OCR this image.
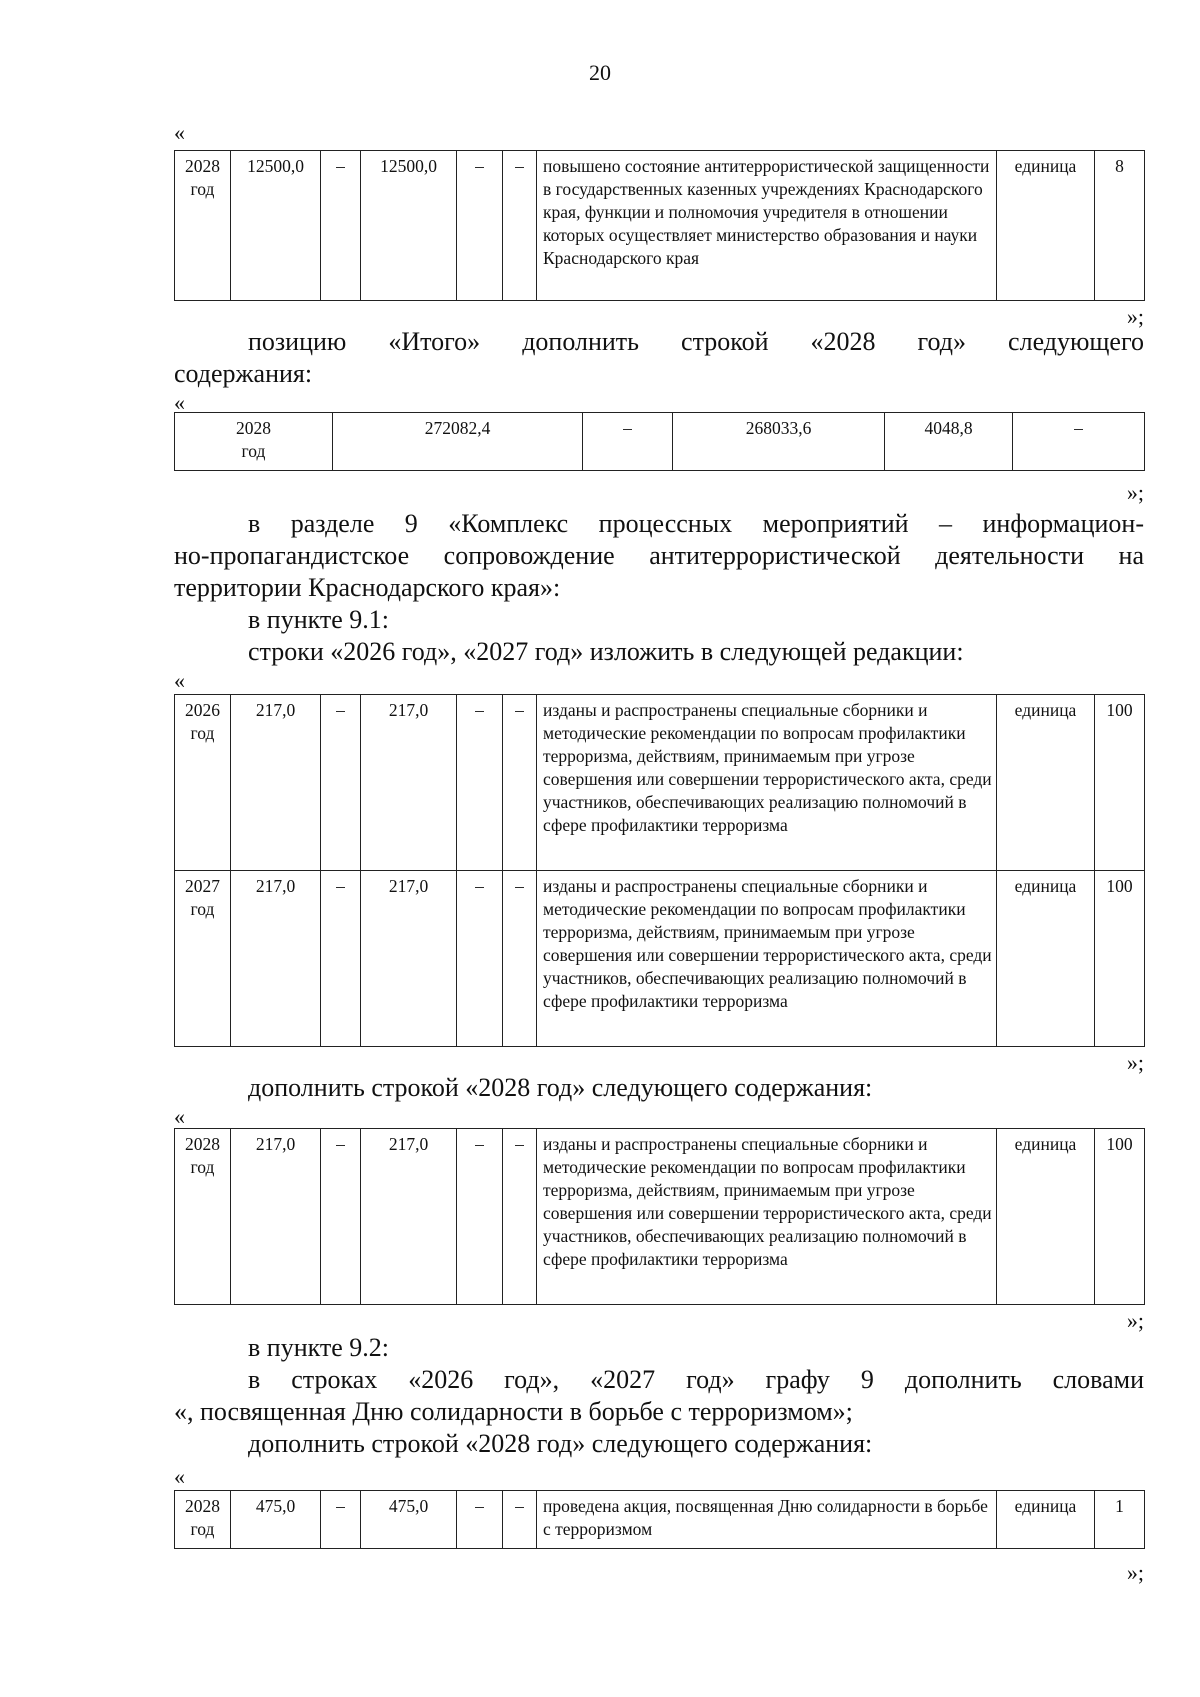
20
«
2028
год	12500,0	–	12500,0	–	–	повышено состояние антитеррористической защищенности в государственных казенных учреждениях Краснодарского края, функции и полномочия учредителя в отношении которых осуществляет министерство образования и науки Краснодарского края	единица	8
»;
позицию «Итого» дополнить строкой «2028 год» следующего
содержания:
«
2028
год	272082,4	–	268033,6	4048,8	–
»;
в разделе 9 «Комплекс процессных мероприятий – информацион-
но-пропагандистское сопровождение антитеррористической деятельности на
территории Краснодарского края»:
в пункте 9.1:
строки «2026 год», «2027 год» изложить в следующей редакции:
«
2026
год	217,0	–	217,0	–	–	изданы и распространены специальные сборники и методические рекомендации по вопросам профилактики терроризма, действиям, принимаемым при угрозе совершения или совершении террористического акта, среди участников, обеспечивающих реализацию полномочий в сфере профилактики терроризма	единица	100
2027
год	217,0	–	217,0	–	–	изданы и распространены специальные сборники и методические рекомендации по вопросам профилактики терроризма, действиям, принимаемым при угрозе совершения или совершении террористического акта, среди участников, обеспечивающих реализацию полномочий в сфере профилактики терроризма	единица	100
»;
дополнить строкой «2028 год» следующего содержания:
«
2028
год	217,0	–	217,0	–	–	изданы и распространены специальные сборники и методические рекомендации по вопросам профилактики терроризма, действиям, принимаемым при угрозе совершения или совершении террористического акта, среди участников, обеспечивающих реализацию полномочий в сфере профилактики терроризма	единица	100
»;
в пункте 9.2:
в строках «2026 год», «2027 год» графу 9 дополнить словами
«, посвященная Дню солидарности в борьбе с терроризмом»;
дополнить строкой «2028 год» следующего содержания:
«
2028
год	475,0	–	475,0	–	–	проведена акция, посвященная Дню солидарности в борьбе с терроризмом	единица	1
»;
